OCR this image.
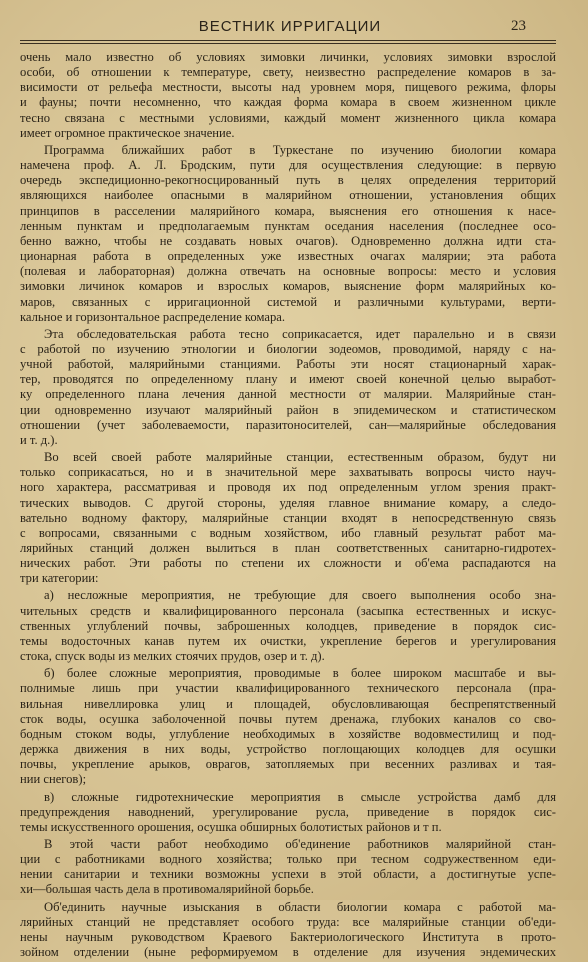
ВЕСТНИК ИРРИГАЦИИ	23
очень мало известно об условиях зимовки личинки, условиях зимовки взрослой
особи, об отношении к температуре, свету, неизвестно распределение комаров в за-
висимости от рельефа местности, высоты над уровнем моря, пищевого режима, флоры
и фауны; почти несомненно, что каждая форма комара в своем жизненном цикле
тесно связана с местными условиями, каждый момент жизненного цикла комара
имеет огромное практическое значение.
Программа ближайших работ в Туркестане по изучению биологии комара
намечена проф. А. Л. Бродским, пути для осуществления следующие: в первую
очередь экспедиционно-рекогносцированный путь в целях определения территорий
являющихся наиболее опасными в малярийном отношении, установления общих
принципов в расселении малярийного комара, выяснения его отношения к насе-
ленным пунктам и предполагаемым пунктам оседания населения (последнее осо-
бенно важно, чтобы не создавать новых очагов). Одновременно должна идти ста-
ционарная работа в определенных уже известных очагах малярии; эта работа
(полевая и лабораторная) должна отвечать на основные вопросы: место и условия
зимовки личинок комаров и взрослых комаров, выяснение форм малярийных ко-
маров, связанных с ирригационной системой и различными культурами, верти-
кальное и горизонтальное распределение комара.
Эта обследовательская работа тесно соприкасается, идет паралельно и в связи
с работой по изучению этнологии и биологии зодеомов, проводимой, наряду с на-
учной работой, малярийными станциями. Работы эти носят стационарный харак-
тер, проводятся по определенному плану и имеют своей конечной целью выработ-
ку определенного плана лечения данной местности от малярии. Малярийные стан-
ции одновременно изучают малярийный район в эпидемическом и статистическом
отношении (учет заболеваемости, паразитоносителей, сан—малярийные обследования
и т. д.).
Во всей своей работе малярийные станции, естественным образом, будут ни
только соприкасаться, но и в значительной мере захватывать вопросы чисто науч-
ного характера, рассматривая и проводя их под определенным углом зрения практ-
тических выводов. С другой стороны, уделяя главное внимание комару, а следо-
вательно водному фактору, малярийные станции входят в непосредственную связь
с вопросами, связанными с водным хозяйством, ибо главный результат работ ма-
лярийных станций должен вылиться в план соответственных санитарно-гидротех-
нических работ. Эти работы по степени их сложности и об'ема распадаются на
три категории:
а) несложные мероприятия, не требующие для своего выполнения особо зна-
чительных средств и квалифицированного персонала (засыпка естественных и искус-
ственных углублений почвы, заброшенных колодцев, приведение в порядок сис-
темы водосточных канав путем их очистки, укрепление берегов и урегулирования
стока, спуск воды из мелких стоячих прудов, озер и т. д).
б) более сложные мероприятия, проводимые в более широком масштабе и вы-
полнимые лишь при участии квалифицированного технического персонала (пра-
вильная нивеллировка улиц и площадей, обусловливающая беспрепятственный
сток воды, осушка заболоченной почвы путем дренажа, глубоких каналов со сво-
бодным стоком воды, углубление необходимых в хозяйстве водовместилищ и под-
держка движения в них воды, устройство поглощающих колодцев для осушки
почвы, укрепление арыков, оврагов, затопляемых при весенних разливах и тая-
нии снегов);
в) сложные гидротехнические мероприятия в смысле устройства дамб для
предупреждения наводнений, урегулирование русла, приведение в порядок сис-
темы искусственного орошения, осушка обширных болотистых районов и т п.
В этой части работ необходимо об'единение работников малярийной стан-
ции с работниками водного хозяйства; только при тесном содружественном еди-
нении санитарии и техники возможны успехи в этой области, а достигнутые успе-
хи—большая часть дела в противомалярийной борьбе.
Об'единить научные изыскания в области биологии комара с работой ма-
лярийных станций не представляет особого труда: все малярийные станции об'еди-
нены научным руководством Краевого Бактериологического Института в прото-
зойном отделении (ныне реформируемом в отделение для изучения эндемических
